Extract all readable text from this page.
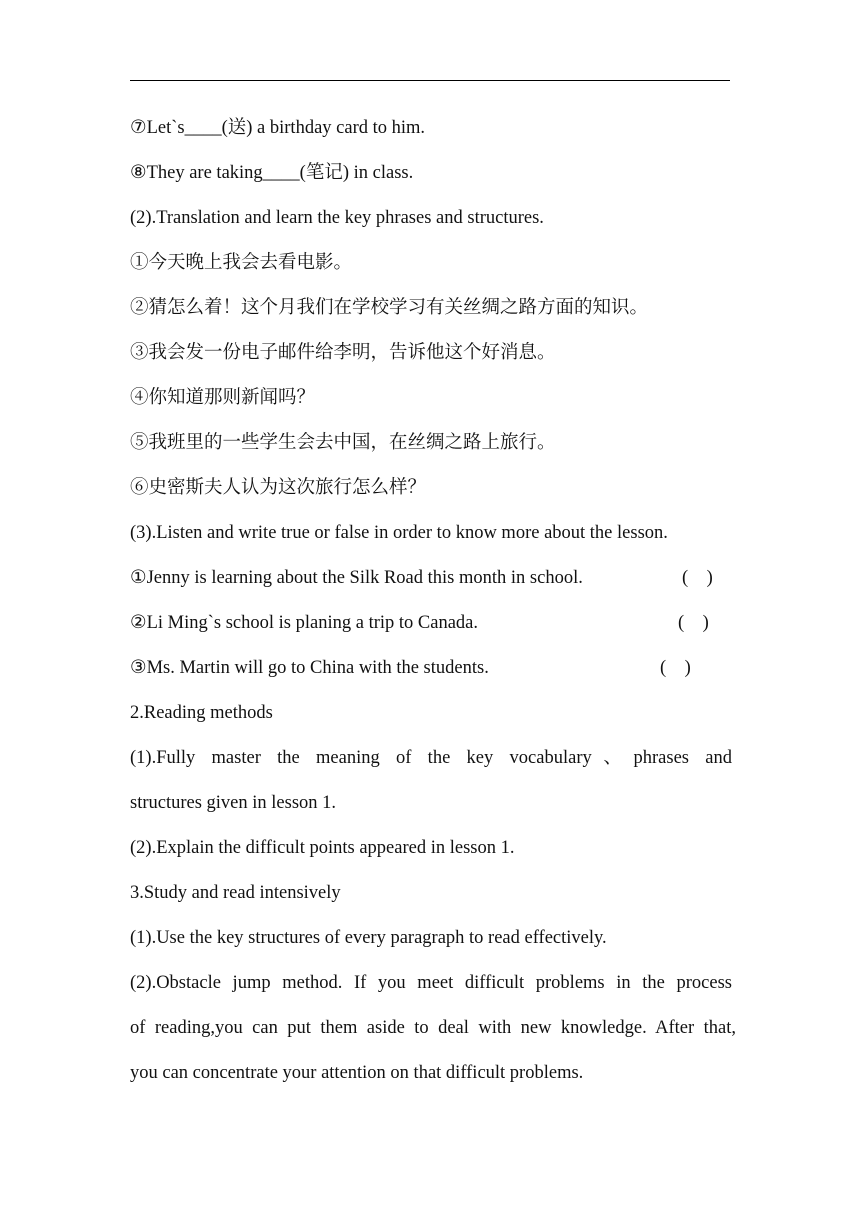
⑦Let`s____(送) a birthday card to him.
⑧They are taking____(笔记) in class.
(2).Translation and learn the key phrases and structures.
①今天晚上我会去看电影。
②猜怎么着！这个月我们在学校学习有关丝绸之路方面的知识。
③我会发一份电子邮件给李明，告诉他这个好消息。
④你知道那则新闻吗？
⑤我班里的一些学生会去中国，在丝绸之路上旅行。
⑥史密斯夫人认为这次旅行怎么样？
(3).Listen and write true or false in order to know more about the lesson.
①Jenny is learning about the Silk Road this month in school.	(    )
②Li Ming`s school is planing a trip to Canada.	(    )
③Ms. Martin will go to China with the students.	(    )
2.Reading methods
(1).Fully master the meaning of the key vocabulary、phrases and
structures given in lesson 1.
(2).Explain the difficult points appeared in lesson 1.
3.Study and read intensively
(1).Use the key structures of every paragraph to read effectively.
(2).Obstacle jump method. If you meet difficult problems in the process
of reading,you can put them aside to deal with new knowledge. After that,
you can concentrate your attention on that difficult problems.
